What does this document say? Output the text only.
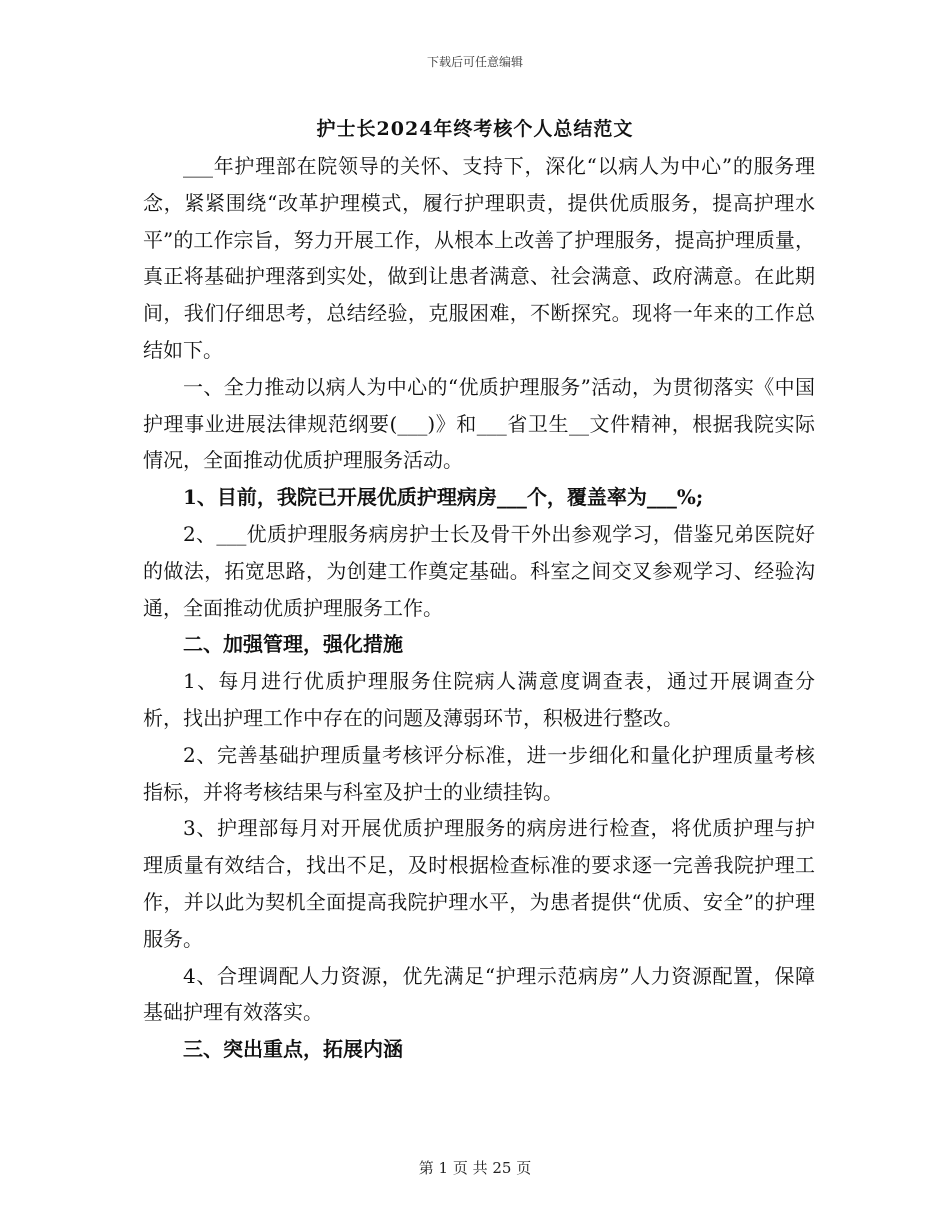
下载后可任意编辑
护士长2024年终考核个人总结范文

___年护理部在院领导的关怀、支持下，深化“以病人为中心”的服务理念，紧紧围绕“改革护理模式，履行护理职责，提供优质服务，提高护理水平”的工作宗旨，努力开展工作，从根本上改善了护理服务，提高护理质量，真正将基础护理落到实处，做到让患者满意、社会满意、政府满意。在此期间，我们仔细思考，总结经验，克服困难，不断探究。现将一年来的工作总结如下。

一、全力推动以病人为中心的“优质护理服务”活动，为贯彻落实《中国护理事业进展法律规范纲要(___)》和___省卫生__文件精神，根据我院实际情况，全面推动优质护理服务活动。

1、目前，我院已开展优质护理病房___个，覆盖率为___%;

2、___优质护理服务病房护士长及骨干外出参观学习，借鉴兄弟医院好的做法，拓宽思路，为创建工作奠定基础。科室之间交叉参观学习、经验沟通，全面推动优质护理服务工作。

二、加强管理，强化措施

1、每月进行优质护理服务住院病人满意度调查表，通过开展调查分析，找出护理工作中存在的问题及薄弱环节，积极进行整改。

2、完善基础护理质量考核评分标准，进一步细化和量化护理质量考核指标，并将考核结果与科室及护士的业绩挂钩。

3、护理部每月对开展优质护理服务的病房进行检查，将优质护理与护理质量有效结合，找出不足，及时根据检查标准的要求逐一完善我院护理工作，并以此为契机全面提高我院护理水平，为患者提供“优质、安全”的护理服务。

4、合理调配人力资源，优先满足“护理示范病房”人力资源配置，保障基础护理有效落实。

三、突出重点，拓展内涵

第 1 页 共 25 页
